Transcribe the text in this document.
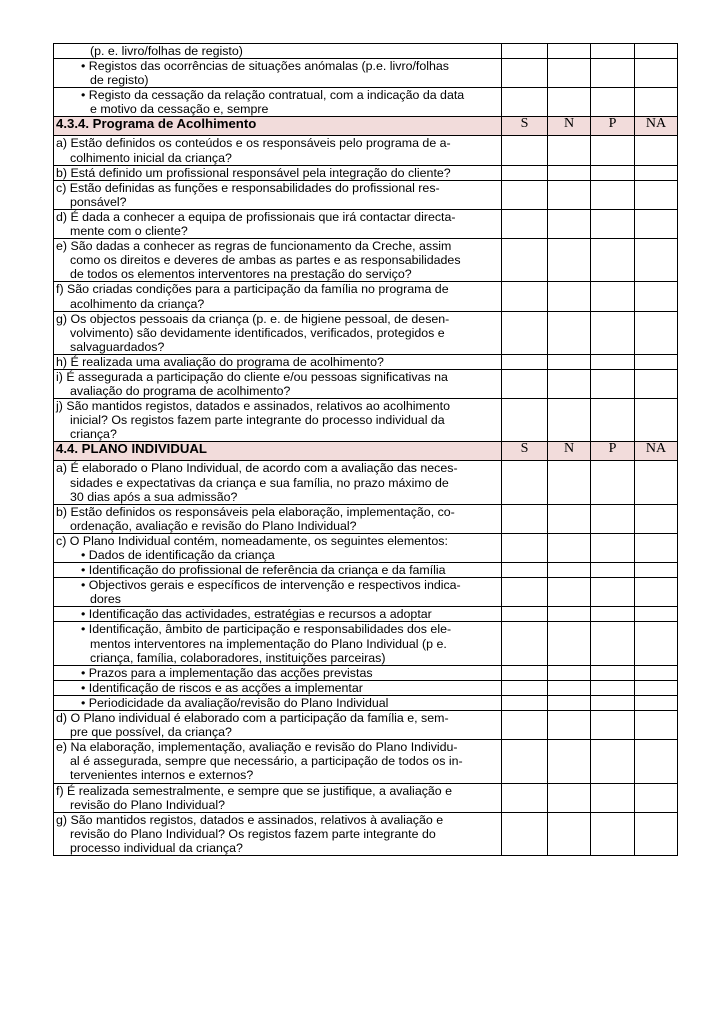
(p. e. livro/folhas de registo)				

• Registos das ocorrências de situações anómalas (p.e. livro/folhas
de registo)				

• Registo da cessação da relação contratual, com a indicação da data
e motivo da cessação e, sempre				

4.3.4. Programa de Acolhimento	S	N	P	NA

a) Estão definidos os conteúdos e os responsáveis pelo programa de a-
colhimento inicial da criança?				

b) Está definido um profissional responsável pela integração do cliente?				

c) Estão definidas as funções e responsabilidades do profissional res-
ponsável?				

d) É dada a conhecer a equipa de profissionais que irá contactar directa-
mente com o cliente?				

e) São dadas a conhecer as regras de funcionamento da Creche, assim
como os direitos e deveres de ambas as partes e as responsabilidades
de todos os elementos interventores na prestação do serviço?				

f) São criadas condições para a participação da família no programa de
acolhimento da criança?				

g) Os objectos pessoais da criança (p. e. de higiene pessoal, de desen-
volvimento) são devidamente identificados, verificados, protegidos e
salvaguardados?				

h) É realizada uma avaliação do programa de acolhimento?				

i) É assegurada a participação do cliente e/ou pessoas significativas na
avaliação do programa de acolhimento?				

j) São mantidos registos, datados e assinados, relativos ao acolhimento
inicial? Os registos fazem parte integrante do processo individual da
criança?				

4.4. PLANO INDIVIDUAL	S	N	P	NA

a) É elaborado o Plano Individual, de acordo com a avaliação das neces-
sidades e expectativas da criança e sua família, no prazo máximo de
30 dias após a sua admissão?				

b) Estão definidos os responsáveis pela elaboração, implementação, co-
ordenação, avaliação e revisão do Plano Individual?				

c) O Plano Individual contém, nomeadamente, os seguintes elementos:
• Dados de identificação da criança				

• Identificação do profissional de referência da criança e da família				

• Objectivos gerais e específicos de intervenção e respectivos indica-
dores				

• Identificação das actividades, estratégias e recursos a adoptar				

• Identificação, âmbito de participação e responsabilidades dos ele-
mentos interventores na implementação do Plano Individual (p e.
criança, família, colaboradores, instituições parceiras)				

• Prazos para a implementação das acções previstas				

• Identificação de riscos e as acções a implementar				

• Periodicidade da avaliação/revisão do Plano Individual				

d) O Plano individual é elaborado com a participação da família e, sem-
pre que possível, da criança?				

e) Na elaboração, implementação, avaliação e revisão do Plano Individu-
al é assegurada, sempre que necessário, a participação de todos os in-
tervenientes internos e externos?				

f) É realizada semestralmente, e sempre que se justifique, a avaliação e
revisão do Plano Individual?				

g) São mantidos registos, datados e assinados, relativos à avaliação e
revisão do Plano Individual? Os registos fazem parte integrante do
processo individual da criança?				
